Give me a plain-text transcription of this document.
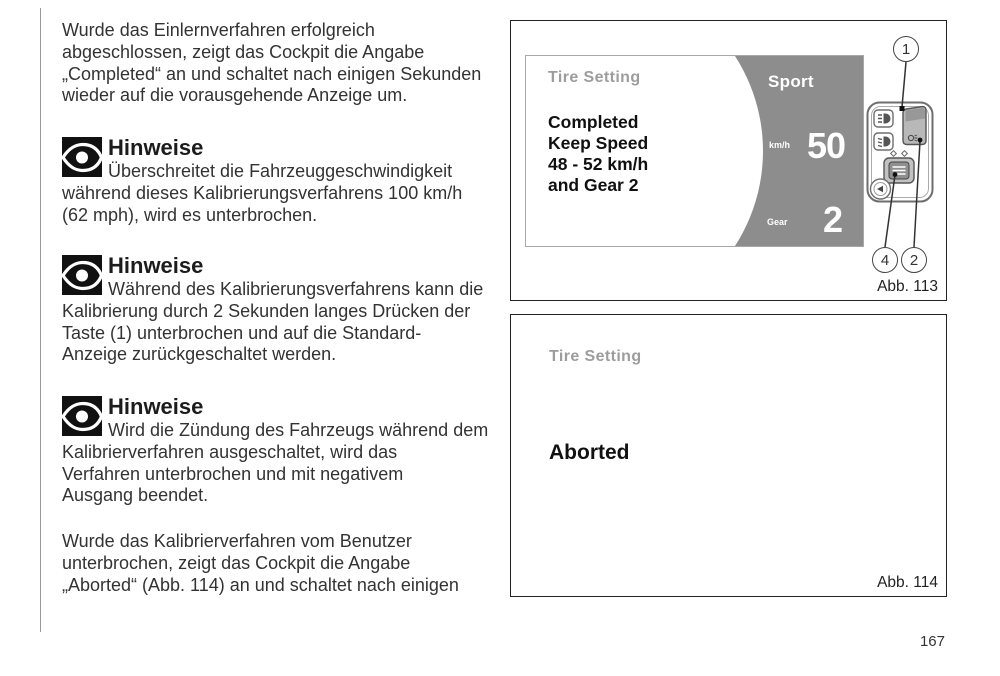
Wurde das Einlernverfahren erfolgreich
abgeschlossen, zeigt das Cockpit die Angabe
„Completed“ an und schaltet nach einigen Sekunden
wieder auf die vorausgehende Anzeige um.
Hinweise
Überschreitet die Fahrzeuggeschwindigkeit
während dieses Kalibrierungsverfahrens 100 km/h
(62 mph), wird es unterbrochen.
Hinweise
Während des Kalibrierungsverfahrens kann die
Kalibrierung durch 2 Sekunden langes Drücken der
Taste (1) unterbrochen und auf die Standard-
Anzeige zurückgeschaltet werden.
Hinweise
Wird die Zündung des Fahrzeugs während dem
Kalibrierverfahren ausgeschaltet, wird das
Verfahren unterbrochen und mit negativem
Ausgang beendet.
Wurde das Kalibrierverfahren vom Benutzer
unterbrochen, zeigt das Cockpit die Angabe
„Aborted“ (Abb. 114) an und schaltet nach einigen
Tire Setting
Completed
Keep Speed
48 - 52 km/h
and Gear 2
Sport
km/h 50
Gear 2
1
4	2
Abb. 113
Tire Setting
Aborted
Abb. 114
167
